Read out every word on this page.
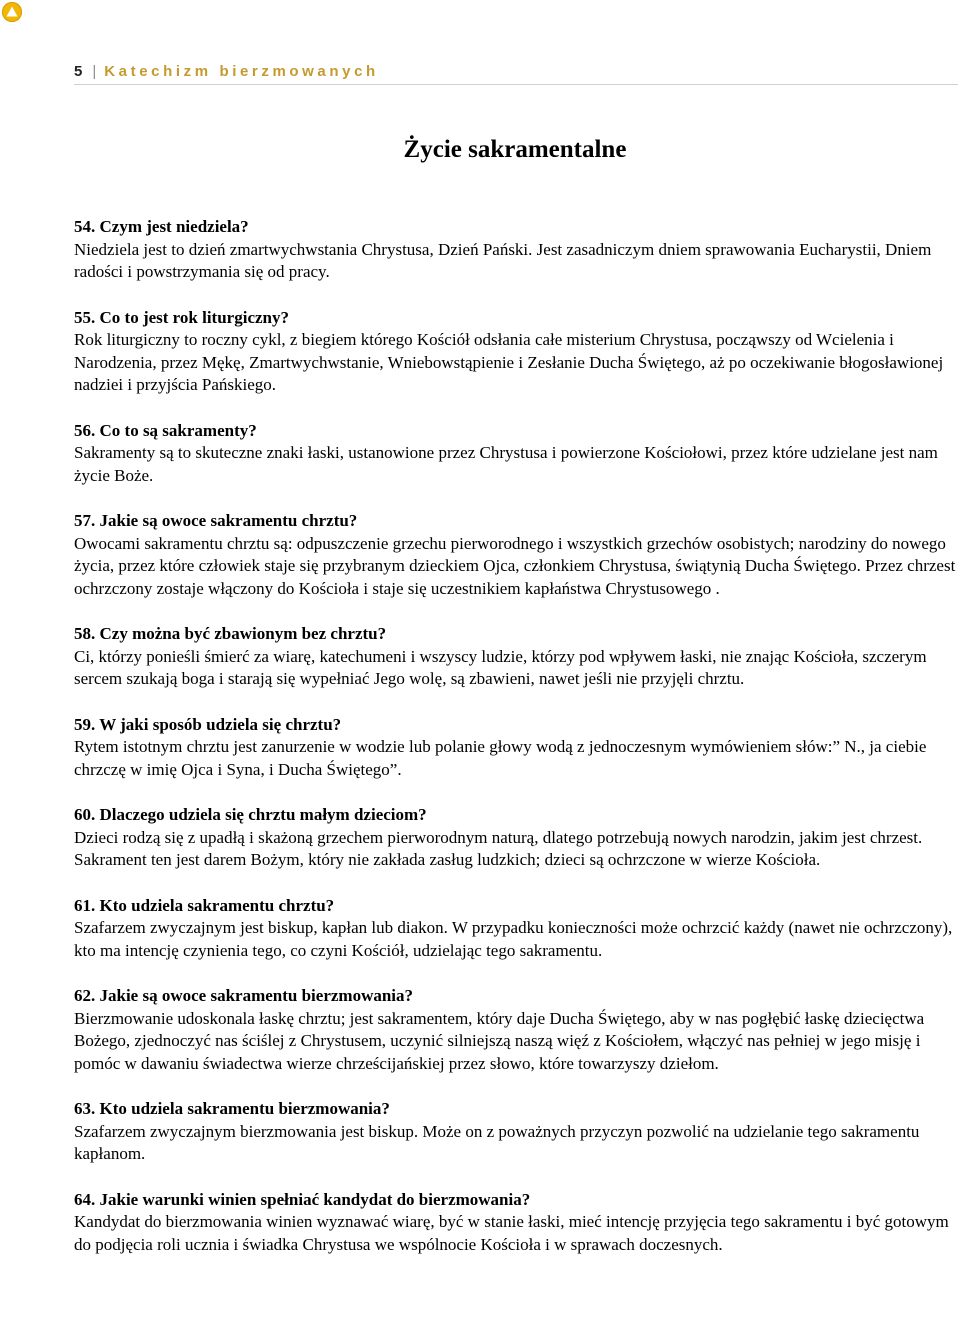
5 | Katechizm bierzmowanych
Życie sakramentalne

54. Czym jest niedziela?

Niedziela jest to dzień zmartwychwstania Chrystusa, Dzień Pański. Jest zasadniczym dniem sprawowania Eucharystii, Dniem radości i powstrzymania się od pracy.

55. Co to jest rok liturgiczny?

Rok liturgiczny to roczny cykl, z biegiem którego Kościół odsłania całe misterium Chrystusa, począwszy od Wcielenia i Narodzenia, przez Mękę, Zmartwychwstanie, Wniebowstąpienie i Zesłanie Ducha Świętego, aż po oczekiwanie błogosławionej nadziei i przyjścia Pańskiego.

56. Co to są sakramenty?

Sakramenty są to skuteczne znaki łaski, ustanowione przez Chrystusa i powierzone Kościołowi, przez które udzielane jest nam życie Boże.

57. Jakie są owoce sakramentu chrztu?

Owocami sakramentu chrztu są: odpuszczenie grzechu pierworodnego i wszystkich grzechów osobistych; narodziny do nowego życia, przez które człowiek staje się przybranym dzieckiem Ojca, członkiem Chrystusa, świątynią Ducha Świętego. Przez chrzest ochrzczony zostaje włączony do Kościoła i staje się uczestnikiem kapłaństwa Chrystusowego .

58. Czy można być zbawionym bez chrztu?

Ci, którzy ponieśli śmierć za wiarę, katechumeni i wszyscy ludzie, którzy pod wpływem łaski, nie znając Kościoła, szczerym sercem szukają boga i starają się wypełniać Jego wolę, są zbawieni, nawet jeśli nie przyjęli chrztu.

59. W jaki sposób udziela się chrztu?

Rytem istotnym chrztu jest zanurzenie w wodzie lub polanie głowy wodą z jednoczesnym wymówieniem słów:” N., ja ciebie chrzczę w imię Ojca i Syna, i Ducha Świętego”.

60. Dlaczego udziela się chrztu małym dzieciom?

Dzieci rodzą się z upadłą i skażoną grzechem pierworodnym naturą, dlatego potrzebują nowych narodzin, jakim jest chrzest. Sakrament ten jest darem Bożym, który nie zakłada zasług ludzkich; dzieci są ochrzczone w wierze Kościoła.

61. Kto udziela sakramentu chrztu?

Szafarzem zwyczajnym jest biskup, kapłan lub diakon. W przypadku konieczności może ochrzcić każdy (nawet nie ochrzczony), kto ma intencję czynienia tego, co czyni Kościół, udzielając tego sakramentu.

62. Jakie są owoce sakramentu bierzmowania?

Bierzmowanie udoskonala łaskę chrztu; jest sakramentem, który daje Ducha Świętego, aby w nas pogłębić łaskę dziecięctwa Bożego, zjednoczyć nas ściślej z Chrystusem, uczynić silniejszą naszą więź z Kościołem, włączyć nas pełniej w jego misję i pomóc w dawaniu świadectwa wierze chrześcijańskiej przez słowo, które towarzyszy dziełom.

63. Kto udziela sakramentu bierzmowania?

Szafarzem zwyczajnym bierzmowania jest biskup. Może on z poważnych przyczyn pozwolić na udzielanie tego sakramentu kapłanom.

64. Jakie warunki winien spełniać kandydat do bierzmowania?

Kandydat do bierzmowania winien wyznawać wiarę, być w stanie łaski, mieć intencję przyjęcia tego sakramentu i być gotowym do podjęcia roli ucznia i świadka Chrystusa we wspólnocie Kościoła i w sprawach doczesnych.
